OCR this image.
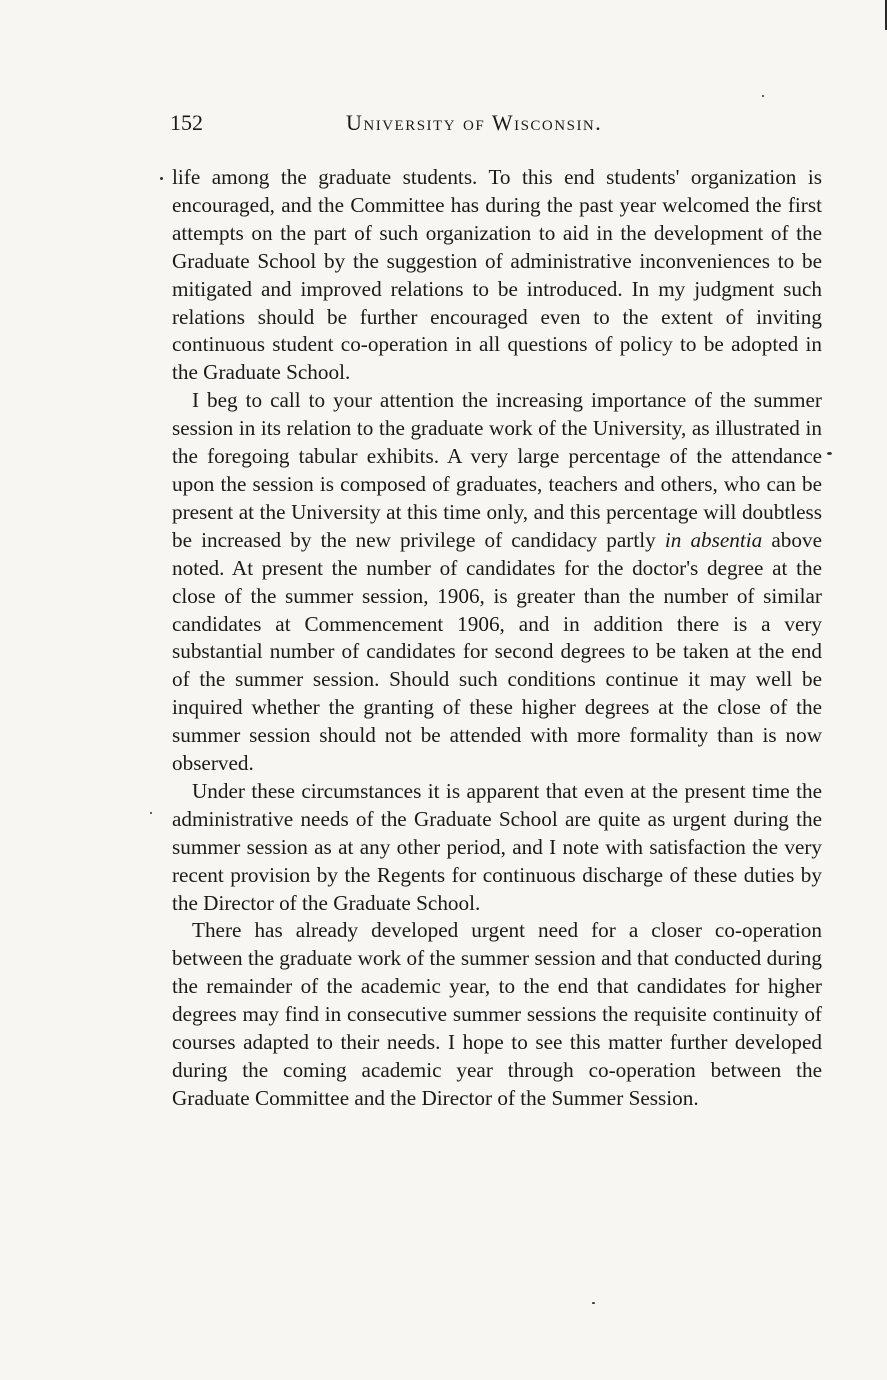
152	University of Wisconsin.

life among the graduate students. To this end students' organization is encouraged, and the Committee has during the past year welcomed the first attempts on the part of such organization to aid in the development of the Graduate School by the suggestion of administrative inconveniences to be mitigated and improved relations to be introduced. In my judgment such relations should be further encouraged even to the extent of inviting continuous student co-operation in all questions of policy to be adopted in the Graduate School.

I beg to call to your attention the increasing importance of the summer session in its relation to the graduate work of the University, as illustrated in the foregoing tabular exhibits. A very large percentage of the attendance upon the session is composed of graduates, teachers and others, who can be present at the University at this time only, and this percentage will doubtless be increased by the new privilege of candidacy partly in absentia above noted. At present the number of candidates for the doctor's degree at the close of the summer session, 1906, is greater than the number of similar candidates at Commencement 1906, and in addition there is a very substantial number of candidates for second degrees to be taken at the end of the summer session. Should such conditions continue it may well be inquired whether the granting of these higher degrees at the close of the summer session should not be attended with more formality than is now observed.

Under these circumstances it is apparent that even at the present time the administrative needs of the Graduate School are quite as urgent during the summer session as at any other period, and I note with satisfaction the very recent provision by the Regents for continuous discharge of these duties by the Director of the Graduate School.

There has already developed urgent need for a closer co-operation between the graduate work of the summer session and that conducted during the remainder of the academic year, to the end that candidates for higher degrees may find in consecutive summer sessions the requisite continuity of courses adapted to their needs. I hope to see this matter further developed during the coming academic year through co-operation between the Graduate Committee and the Director of the Summer Session.
